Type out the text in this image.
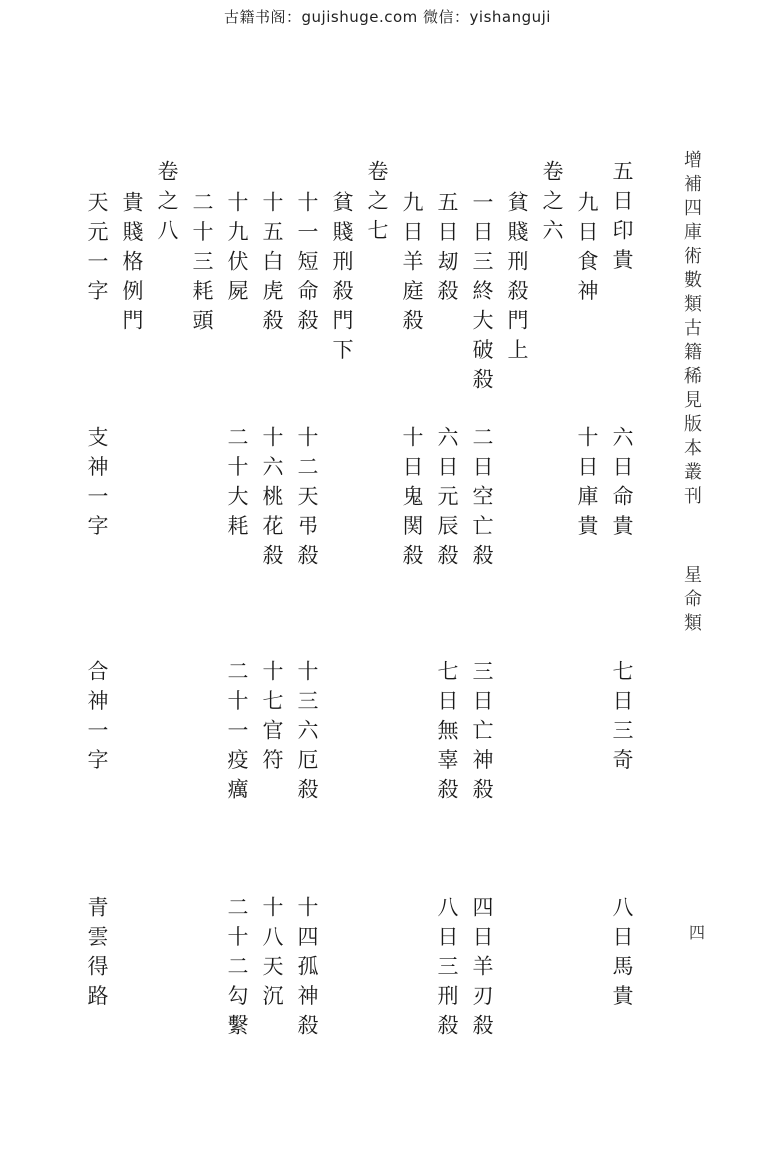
古籍书阁：gujishuge.com 微信：yishanguji
增補四庫術數類古籍稀見版本叢刊
星命類
四
五日印貴
六日命貴
七日三奇
八日馬貴
九日食神
十日庫貴
卷之六
貧賤刑殺門上
一日三終大破殺
二日空亡殺
三日亡神殺
四日羊刃殺
五日刼殺
六日元辰殺
七日無辜殺
八日三刑殺
九日羊庭殺
十日鬼関殺
卷之七
貧賤刑殺門下
十一短命殺
十二天弔殺
十三六厄殺
十四孤神殺
十五白虎殺
十六桃花殺
十七官符
十八天沉
十九伏屍
二十三耗頭
二十大耗
二十一疫癘
二十二勾繫
卷之八
貴賤格例門
天元一字
支神一字
合神一字
青雲得路
